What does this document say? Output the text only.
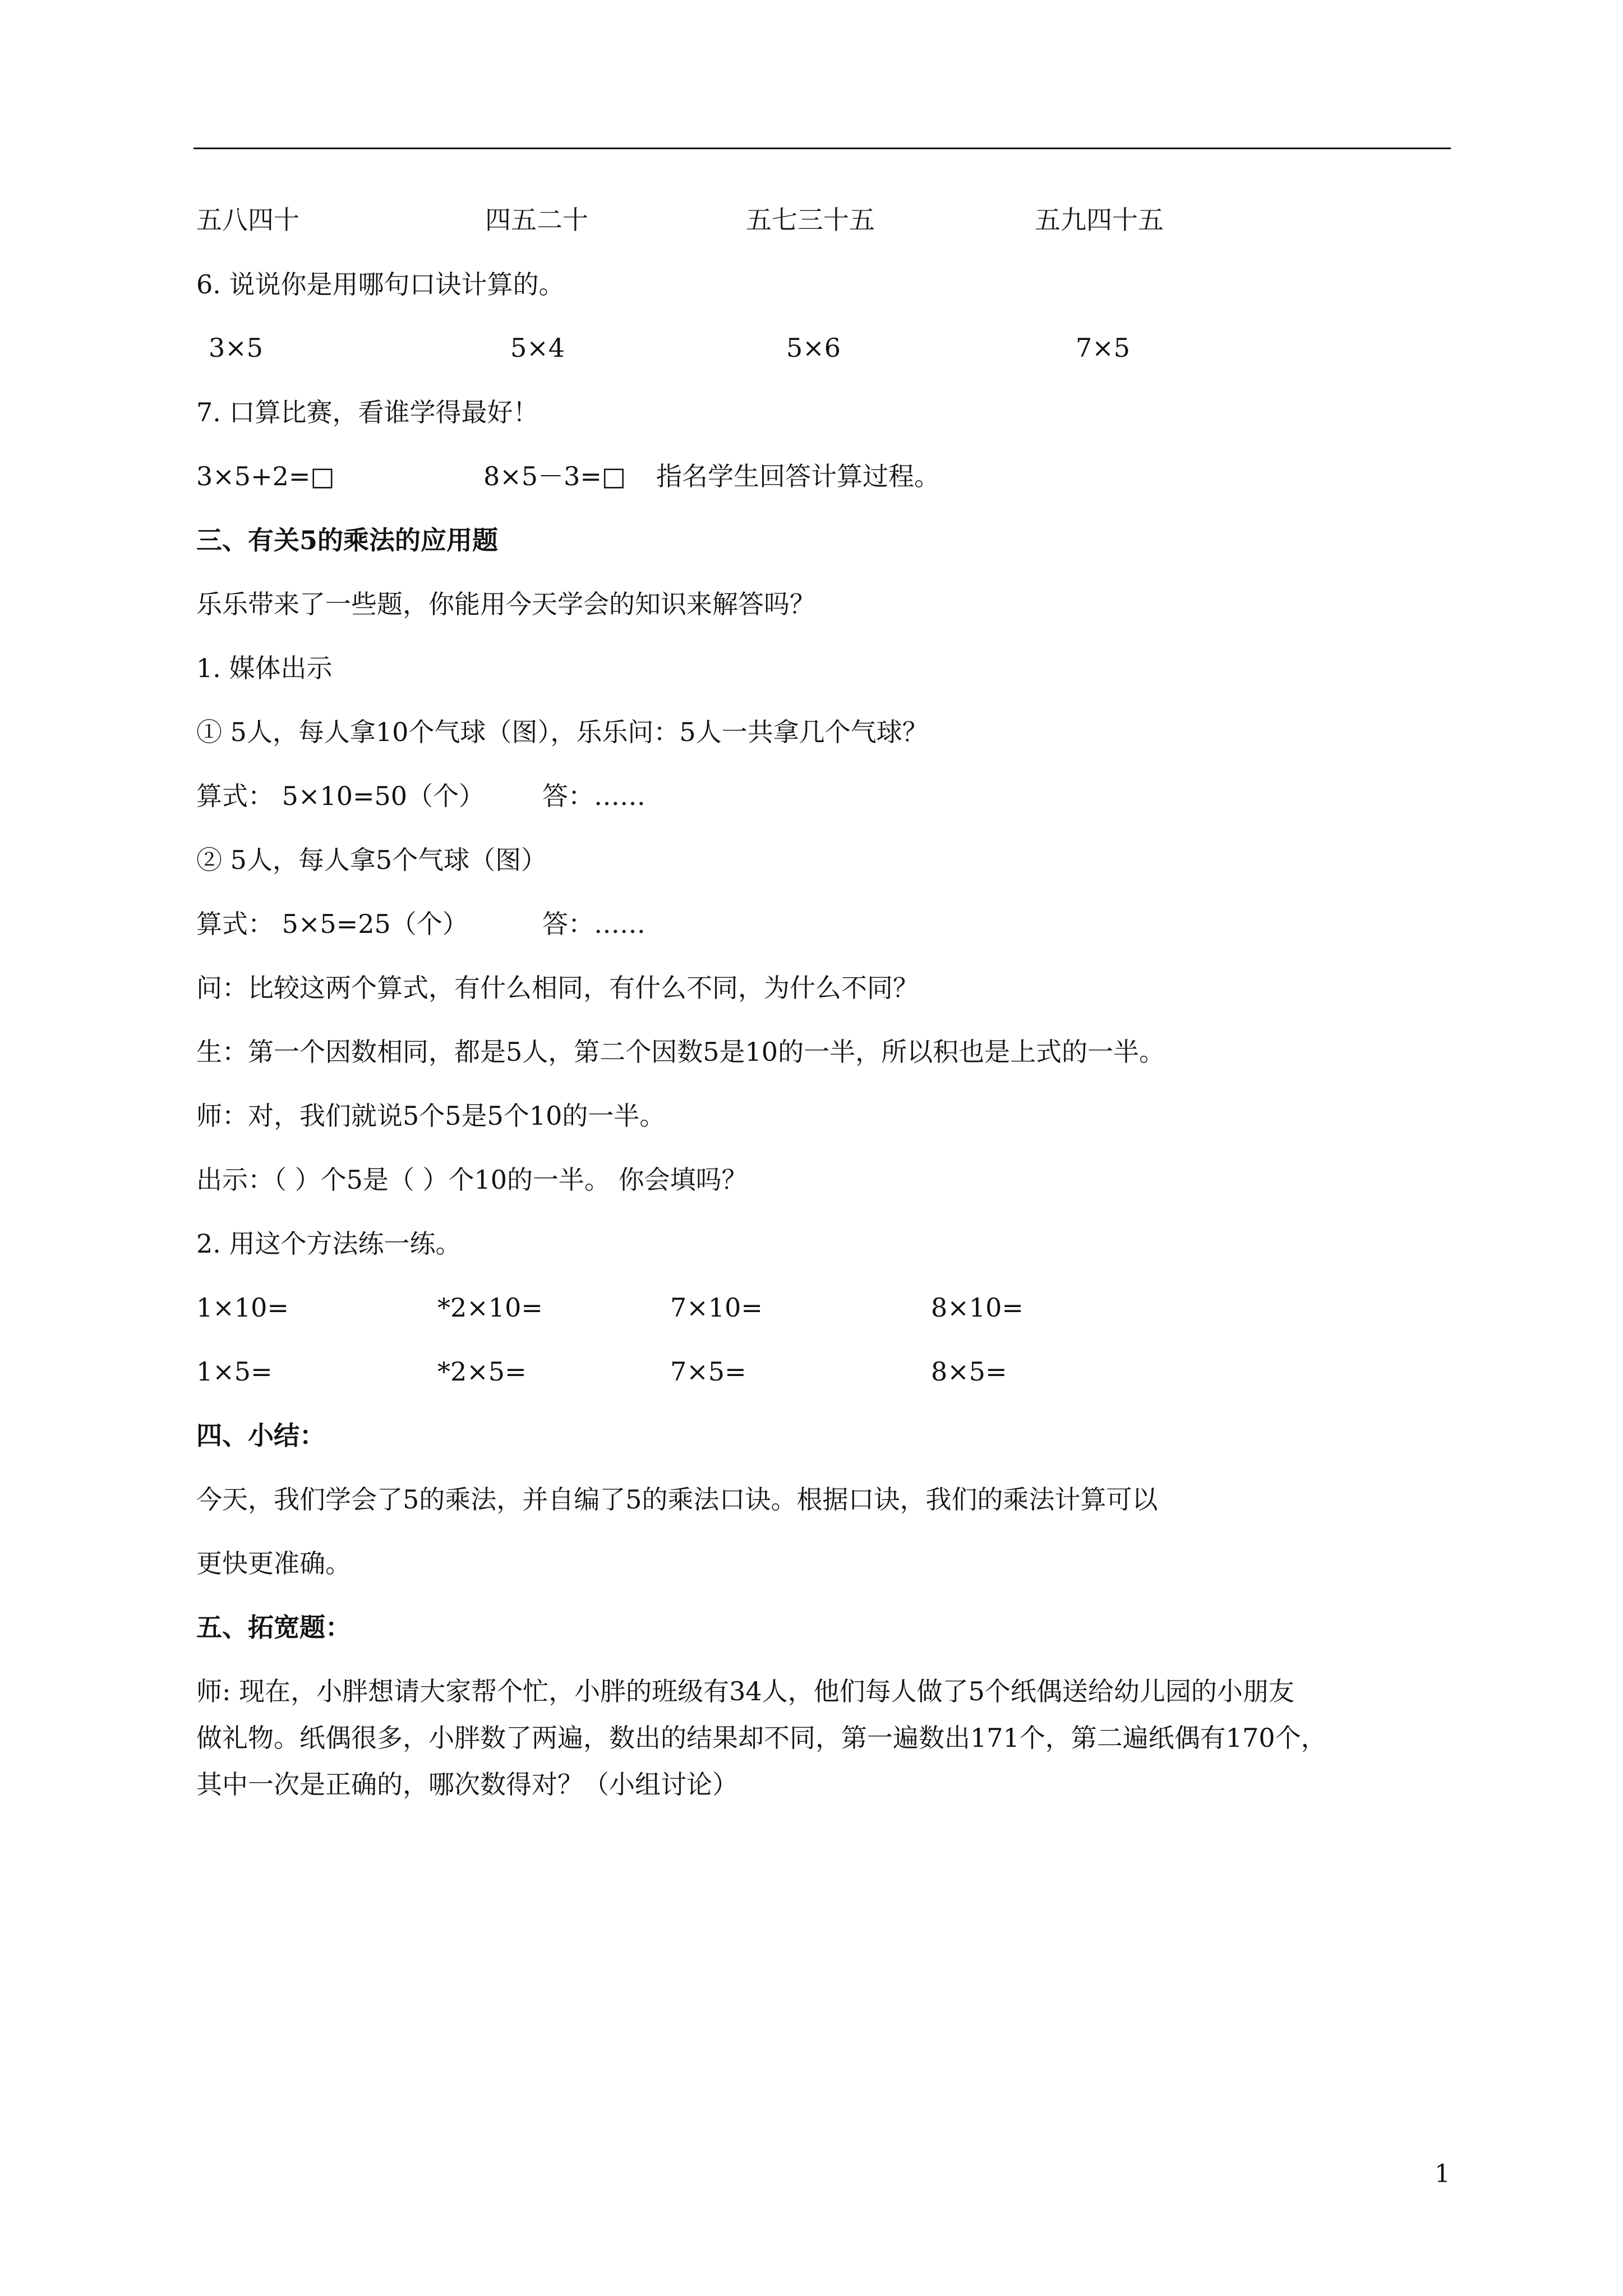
五八四十	四五二十	五七三十五	五九四十五
6. 说说你是用哪句口诀计算的。
3×5	5×4	5×6	7×5
7. 口算比赛，看谁学得最好！
3×5+2=□	8×5－3=□ 指名学生回答计算过程。
三、有关5的乘法的应用题
乐乐带来了一些题，你能用今天学会的知识来解答吗？
1. 媒体出示
① 5人，每人拿10个气球（图），乐乐问：5人一共拿几个气球？
算式： 5×10=50（个） 答：……
② 5人，每人拿5个气球（图）
算式： 5×5=25（个）	答：……
问：比较这两个算式，有什么相同，有什么不同，为什么不同？
生：第一个因数相同，都是5人，第二个因数5是10的一半，所以积也是上式的一半。
师：对，我们就说5个5是5个10的一半。
出示：（ ）个5是（ ）个10的一半。 你会填吗？
2. 用这个方法练一练。
1×10=	*2×10=	7×10=	8×10=
1×5=	*2×5=	7×5=	8×5=
四、小结：
今天，我们学会了5的乘法，并自编了5的乘法口诀。根据口诀，我们的乘法计算可以
更快更准确。
五、拓宽题：
师: 现在，小胖想请大家帮个忙，小胖的班级有34人，他们每人做了5个纸偶送给幼儿园的小朋友
做礼物。纸偶很多，小胖数了两遍，数出的结果却不同，第一遍数出171个，第二遍纸偶有170个，
其中一次是正确的，哪次数得对？（小组讨论）
1
